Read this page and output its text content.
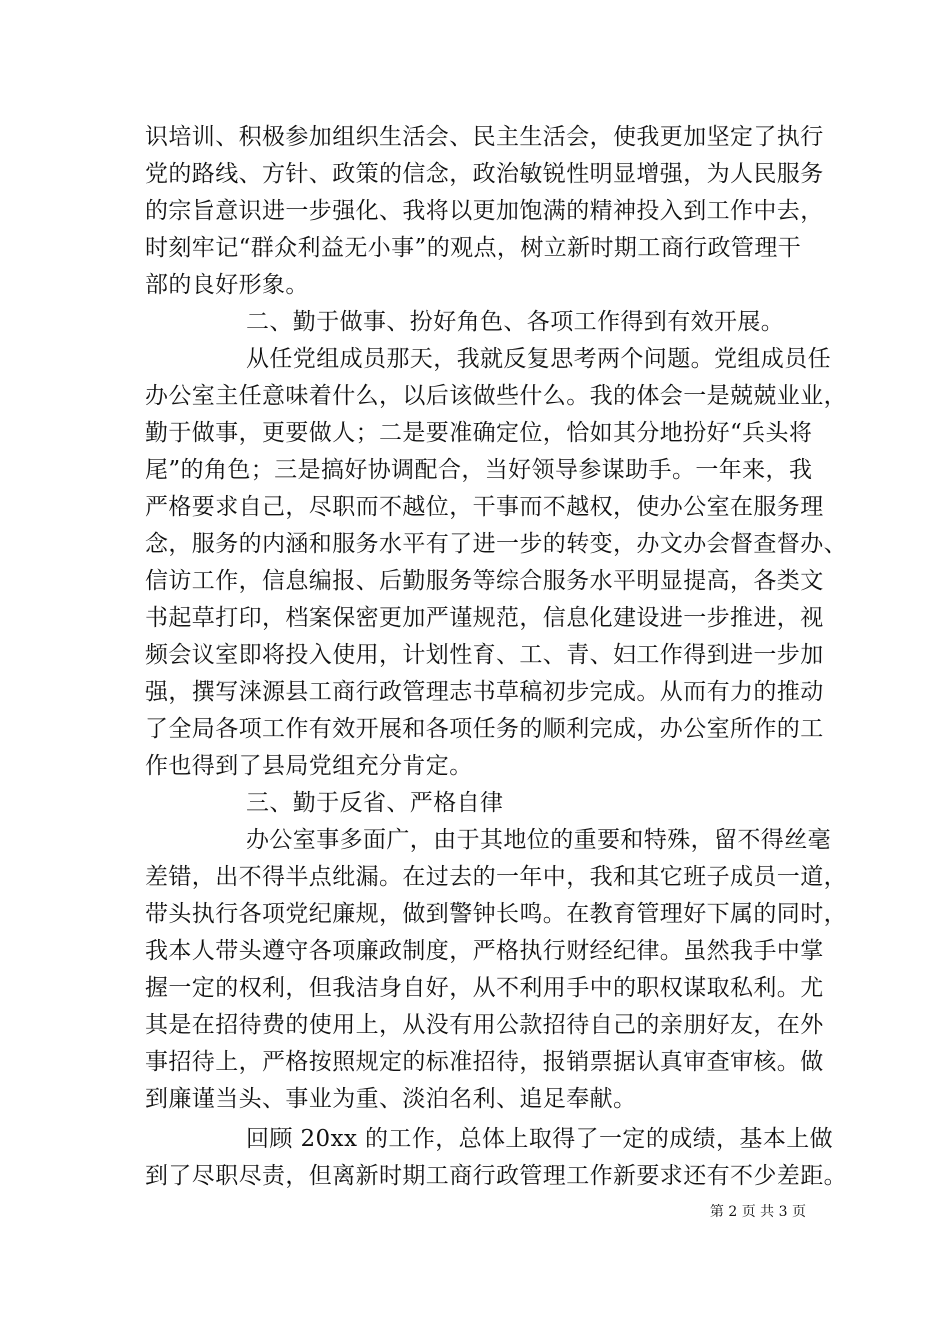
识培训、积极参加组织生活会、民主生活会，使我更加坚定了执行
党的路线、方针、政策的信念，政治敏锐性明显增强，为人民服务
的宗旨意识进一步强化、我将以更加饱满的精神投入到工作中去，
时刻牢记“群众利益无小事”的观点，树立新时期工商行政管理干
部的良好形象。
二、勤于做事、扮好角色、各项工作得到有效开展。
从任党组成员那天，我就反复思考两个问题。党组成员任
办公室主任意味着什么，以后该做些什么。我的体会一是兢兢业业，
勤于做事，更要做人；二是要准确定位，恰如其分地扮好“兵头将
尾”的角色；三是搞好协调配合，当好领导参谋助手。一年来，我
严格要求自己，尽职而不越位，干事而不越权，使办公室在服务理
念，服务的内涵和服务水平有了进一步的转变，办文办会督查督办、
信访工作，信息编报、后勤服务等综合服务水平明显提高，各类文
书起草打印，档案保密更加严谨规范，信息化建设进一步推进，视
频会议室即将投入使用，计划性育、工、青、妇工作得到进一步加
强，撰写涞源县工商行政管理志书草稿初步完成。从而有力的推动
了全局各项工作有效开展和各项任务的顺利完成，办公室所作的工
作也得到了县局党组充分肯定。
三、勤于反省、严格自律
办公室事多面广，由于其地位的重要和特殊，留不得丝毫
差错，出不得半点纰漏。在过去的一年中，我和其它班子成员一道，
带头执行各项党纪廉规，做到警钟长鸣。在教育管理好下属的同时，
我本人带头遵守各项廉政制度，严格执行财经纪律。虽然我手中掌
握一定的权利，但我洁身自好，从不利用手中的职权谋取私利。尤
其是在招待费的使用上，从没有用公款招待自己的亲朋好友，在外
事招待上，严格按照规定的标准招待，报销票据认真审查审核。做
到廉谨当头、事业为重、淡泊名利、追足奉献。
回顾 20xx 的工作，总体上取得了一定的成绩，基本上做
到了尽职尽责，但离新时期工商行政管理工作新要求还有不少差距。
第 2 页 共 3 页
